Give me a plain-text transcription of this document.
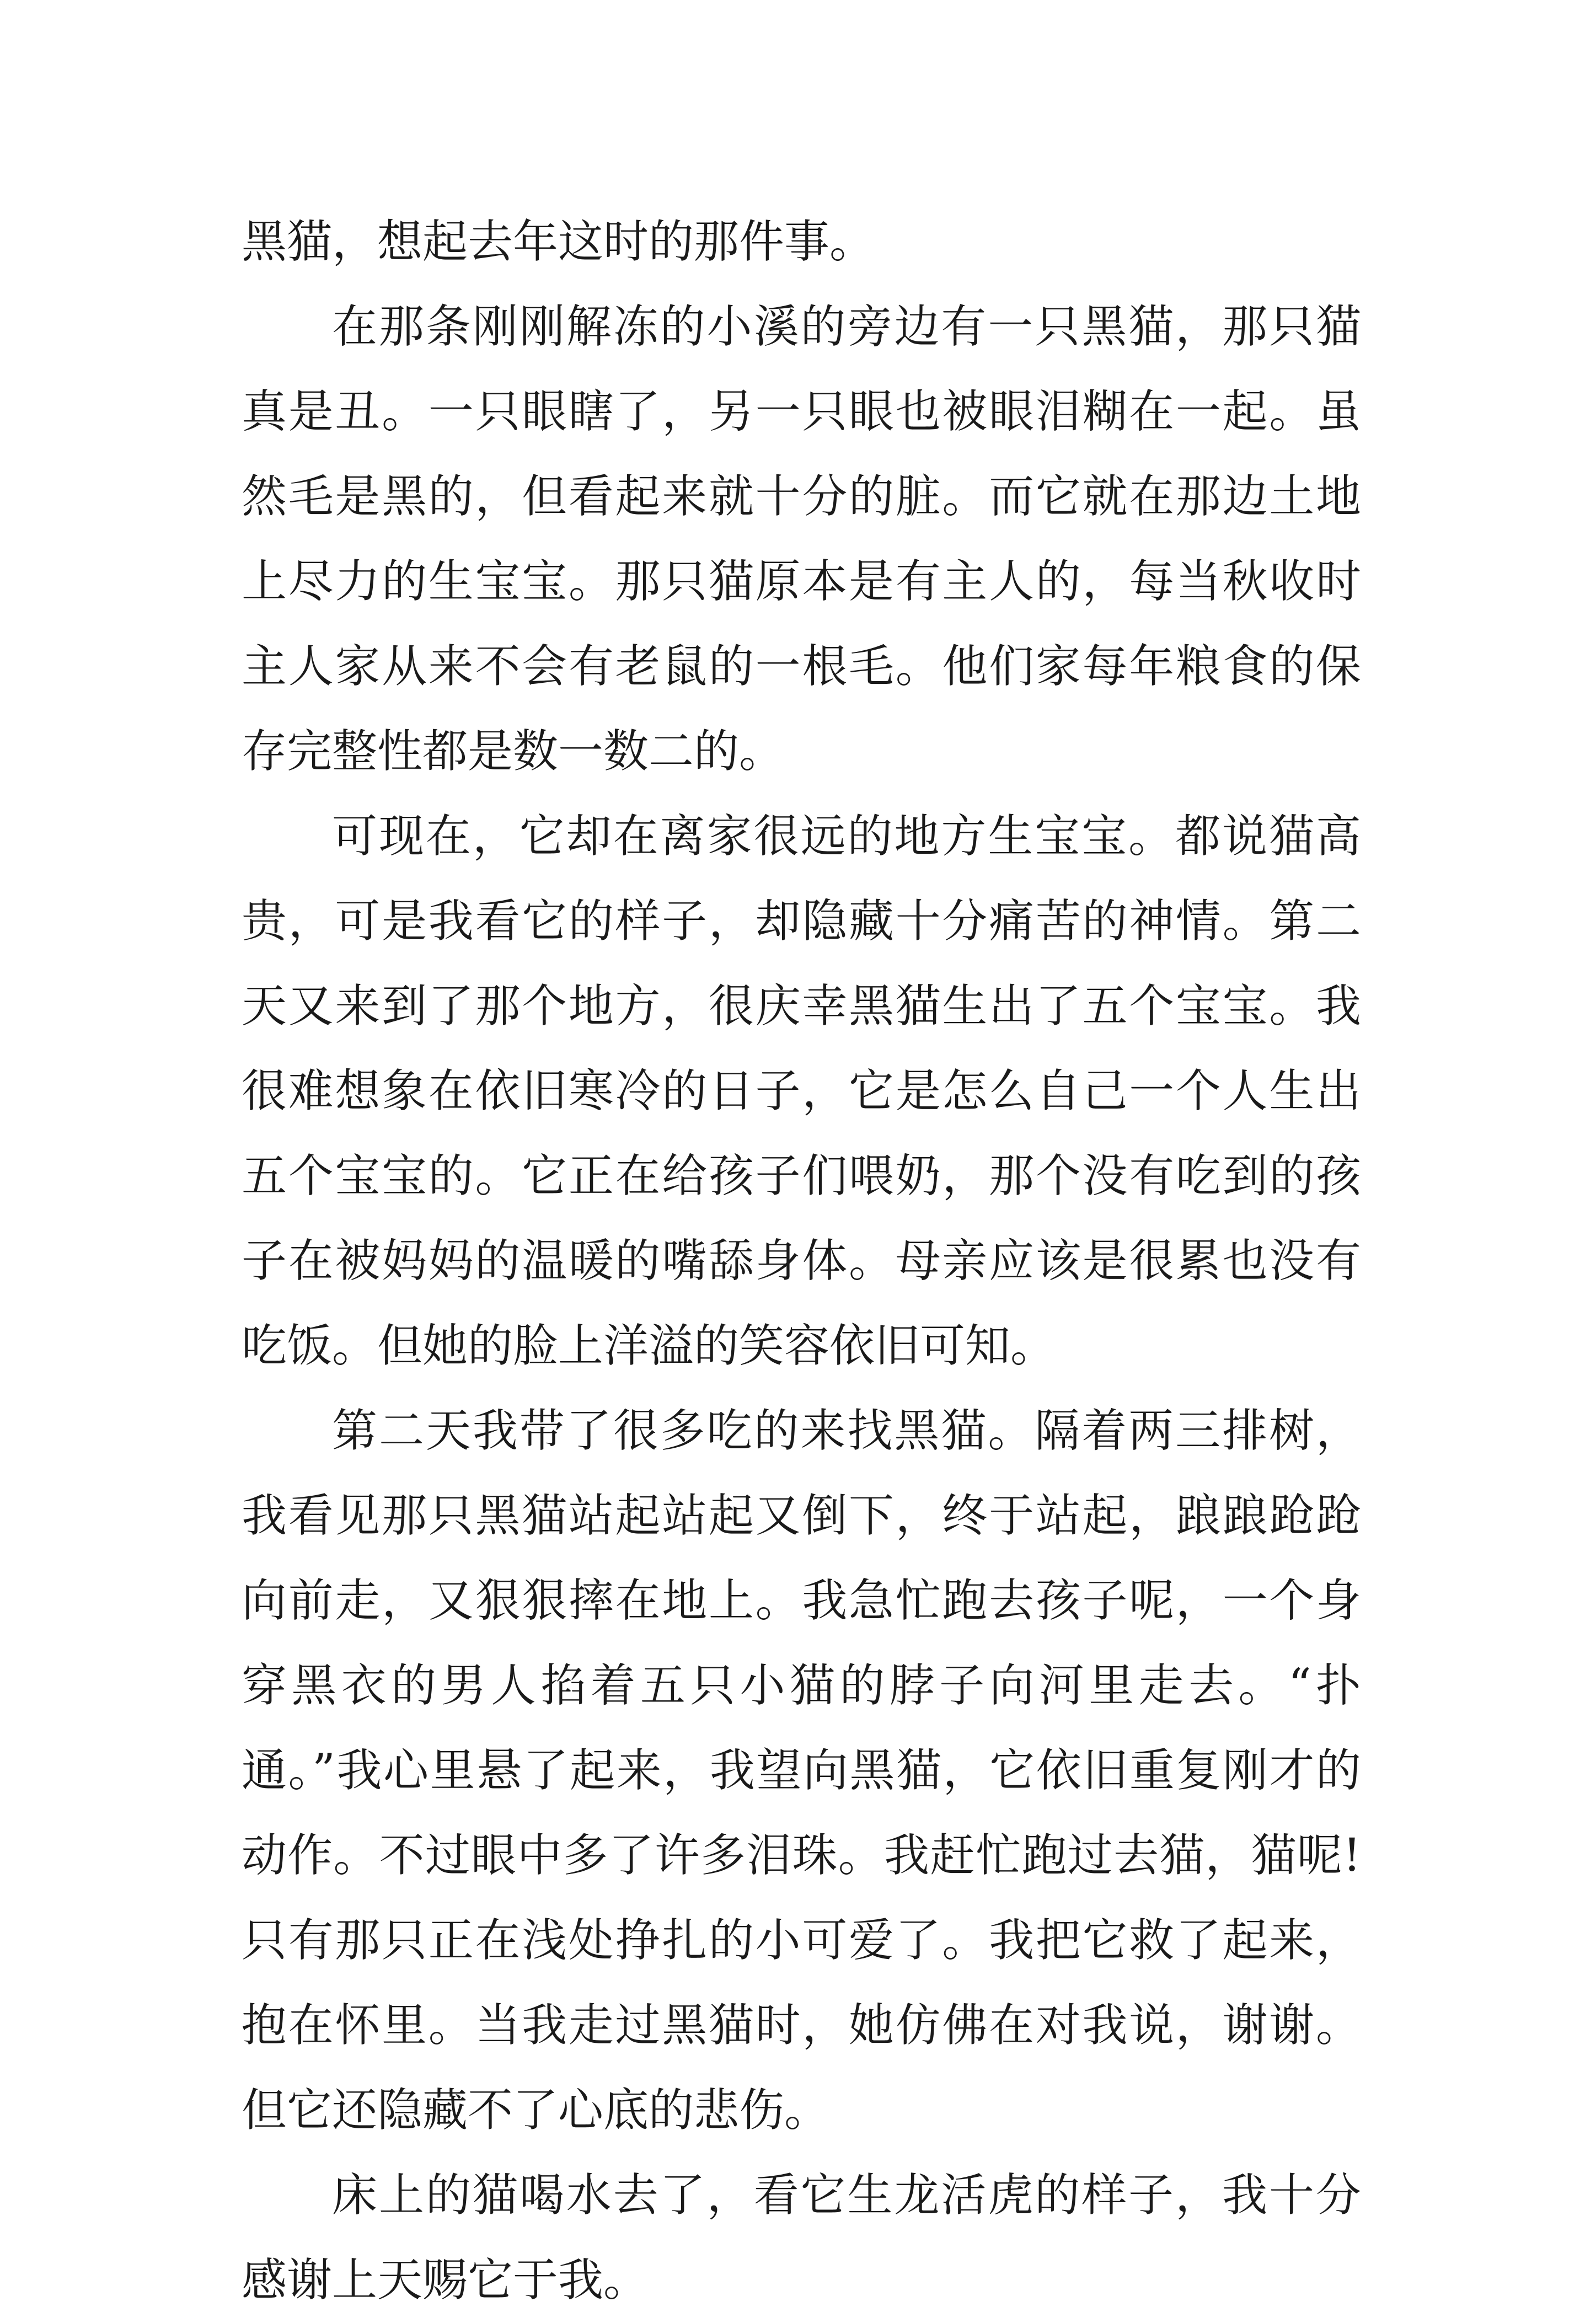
黑猫，想起去年这时的那件事。

在那条刚刚解冻的小溪的旁边有一只黑猫，那只猫真是丑。一只眼瞎了，另一只眼也被眼泪糊在一起。虽然毛是黑的，但看起来就十分的脏。而它就在那边土地上尽力的生宝宝。那只猫原本是有主人的，每当秋收时主人家从来不会有老鼠的一根毛。他们家每年粮食的保存完整性都是数一数二的。

可现在，它却在离家很远的地方生宝宝。都说猫高贵，可是我看它的样子，却隐藏十分痛苦的神情。第二天又来到了那个地方，很庆幸黑猫生出了五个宝宝。我很难想象在依旧寒冷的日子，它是怎么自己一个人生出五个宝宝的。它正在给孩子们喂奶，那个没有吃到的孩子在被妈妈的温暖的嘴舔身体。母亲应该是很累也没有吃饭。但她的脸上洋溢的笑容依旧可知。

第二天我带了很多吃的来找黑猫。隔着两三排树，我看见那只黑猫站起站起又倒下，终于站起，踉踉跄跄向前走，又狠狠摔在地上。我急忙跑去孩子呢，一个身穿黑衣的男人掐着五只小猫的脖子向河里走去。“扑通。”我心里悬了起来，我望向黑猫，它依旧重复刚才的动作。不过眼中多了许多泪珠。我赶忙跑过去猫，猫呢!只有那只正在浅处挣扎的小可爱了。我把它救了起来，抱在怀里。当我走过黑猫时，她仿佛在对我说，谢谢。但它还隐藏不了心底的悲伤。

床上的猫喝水去了，看它生龙活虎的样子，我十分感谢上天赐它于我。
